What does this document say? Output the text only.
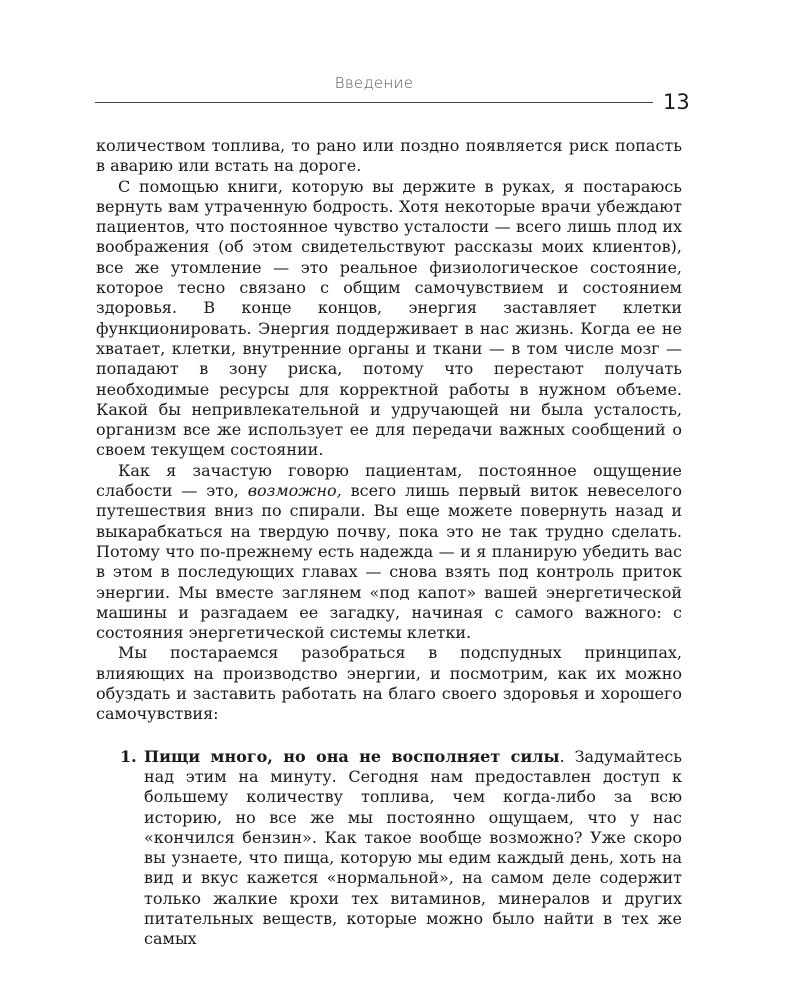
Введение
13

количеством топлива, то рано или поздно появляется риск попасть в аварию или встать на дороге.

С помощью книги, которую вы держите в руках, я постараюсь вернуть вам утраченную бодрость. Хотя некоторые врачи убеждают пациентов, что постоянное чувство усталости — всего лишь плод их воображения (об этом свидетельствуют рассказы моих клиентов), все же утомление — это реальное физиологическое состояние, которое тесно связано с общим самочувствием и состоянием здоровья. В конце концов, энергия заставляет клетки функционировать. Энергия поддерживает в нас жизнь. Когда ее не хватает, клетки, внутренние органы и ткани — в том числе мозг — попадают в зону риска, потому что перестают получать необходимые ресурсы для корректной работы в нужном объеме. Какой бы непривлекательной и удручающей ни была усталость, организм все же использует ее для передачи важных сообщений о своем текущем состоянии.

Как я зачастую говорю пациентам, постоянное ощущение слабости — это, возможно, всего лишь первый виток невеселого путешествия вниз по спирали. Вы еще можете повернуть назад и выкарабкаться на твердую почву, пока это не так трудно сделать. Потому что по-прежнему есть надежда — и я планирую убедить вас в этом в последующих главах — снова взять под контроль приток энергии. Мы вместе заглянем «под капот» вашей энергетической машины и разгадаем ее загадку, начиная с самого важного: с состояния энергетической системы клетки.

Мы постараемся разобраться в подспудных принципах, влияющих на производство энергии, и посмотрим, как их можно обуздать и заставить работать на благо своего здоровья и хорошего самочувствия:

1. Пищи много, но она не восполняет силы. Задумайтесь над этим на минуту. Сегодня нам предоставлен доступ к большему количеству топлива, чем когда-либо за всю историю, но все же мы постоянно ощущаем, что у нас «кончился бензин». Как такое вообще возможно? Уже скоро вы узнаете, что пища, которую мы едим каждый день, хоть на вид и вкус кажется «нормальной», на самом деле содержит только жалкие крохи тех витаминов, минералов и других питательных веществ, которые можно было найти в тех же самых
